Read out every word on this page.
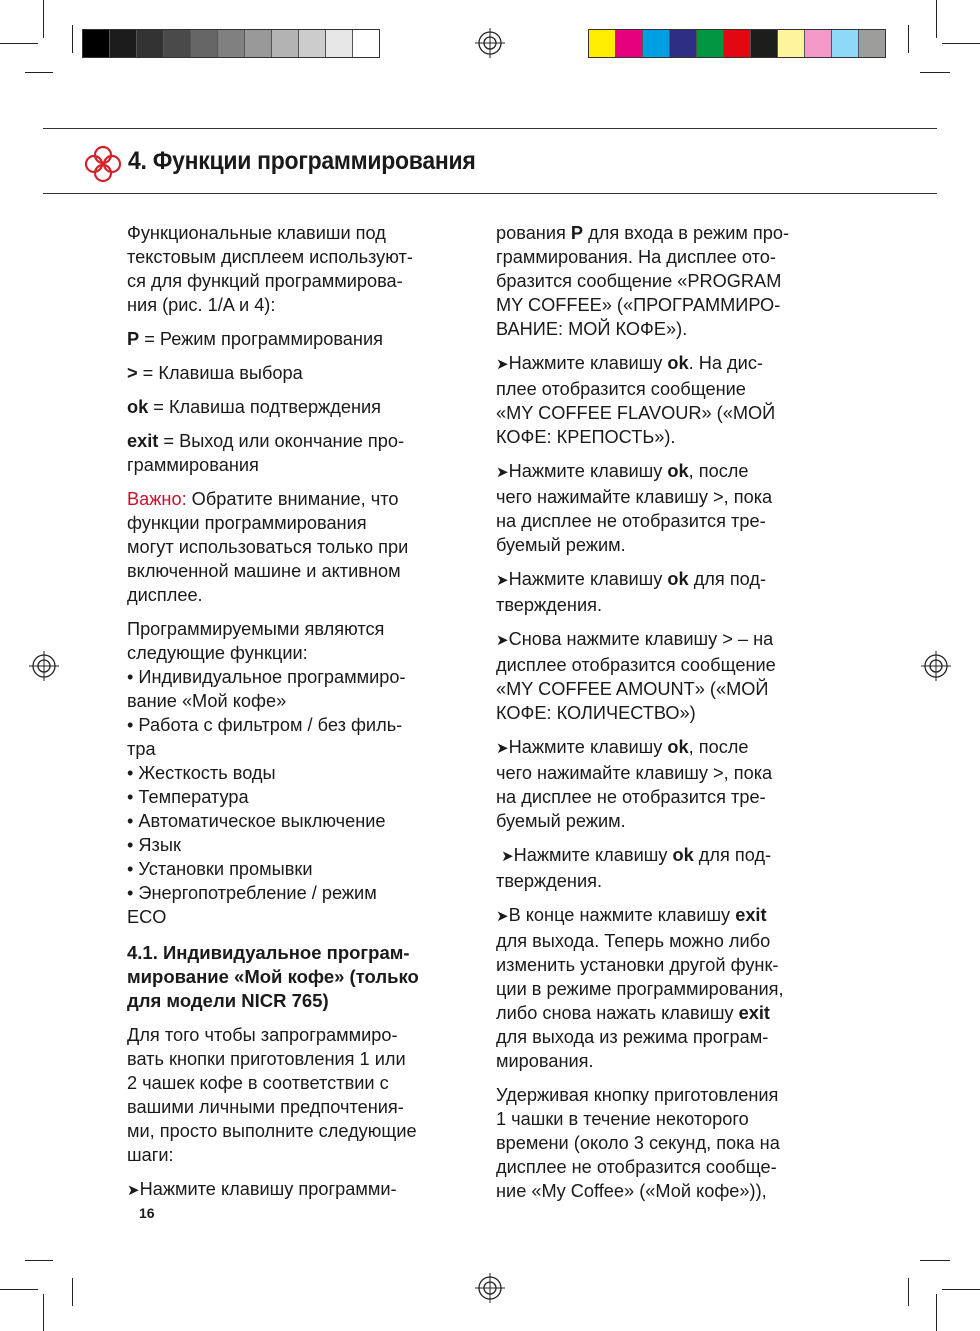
4. Функции программирования

Функциональные клавиши под
текстовым дисплеем используют-
ся для функций программирова-
ния (рис. 1/A и 4):

P = Режим программирования

> = Клавиша выбора

ok = Клавиша подтверждения

exit = Выход или окончание про-
граммирования

Важно: Обратите внимание, что
функции программирования
могут использоваться только при
включенной машине и активном
дисплее.

Программируемыми являются
следующие функции:

• Индивидуальное программиро-
вание «Мой кофе»
• Работа с фильтром / без филь-
тра
• Жесткость воды
• Температура
• Автоматическое выключение
• Язык
• Установки промывки
• Энергопотребление / режим
ECO

4.1. Индивидуальное програм-
мирование «Мой кофе» (только
для модели NICR 765)

Для того чтобы запрограммиро-
вать кнопки приготовления 1 или
2 чашек кофе в соответствии с
вашими личными предпочтения-
ми, просто выполните следующие
шаги:

➤Нажмите клавишу программи-

рования P для входа в режим про-
граммирования. На дисплее ото-
бразится сообщение «PROGRAM
MY COFFEE» («ПРОГРАММИРО-
ВАНИЕ: МОЙ КОФЕ»).

➤Нажмите клавишу ok. На дис-
плее отобразится сообщение
«MY COFFEE FLAVOUR» («МОЙ
КОФЕ: КРЕПОСТЬ»).

➤Нажмите клавишу ok, после
чего нажимайте клавишу >, пока
на дисплее не отобразится тре-
буемый режим.

➤Нажмите клавишу ok для под-
тверждения.

➤Снова нажмите клавишу > – на
дисплее отобразится сообщение
«MY COFFEE AMOUNT» («МОЙ
КОФЕ: КОЛИЧЕСТВО»)

➤Нажмите клавишу ok, после
чего нажимайте клавишу >, пока
на дисплее не отобразится тре-
буемый режим.

➤Нажмите клавишу ok для под-
тверждения.

➤В конце нажмите клавишу exit
для выхода. Теперь можно либо
изменить установки другой функ-
ции в режиме программирования,
либо снова нажать клавишу exit
для выхода из режима програм-
мирования.

Удерживая кнопку приготовления
1 чашки в течение некоторого
времени (около 3 секунд, пока на
дисплее не отобразится сообще-
ние «My Coffee» («Мой кофе»)),

16
